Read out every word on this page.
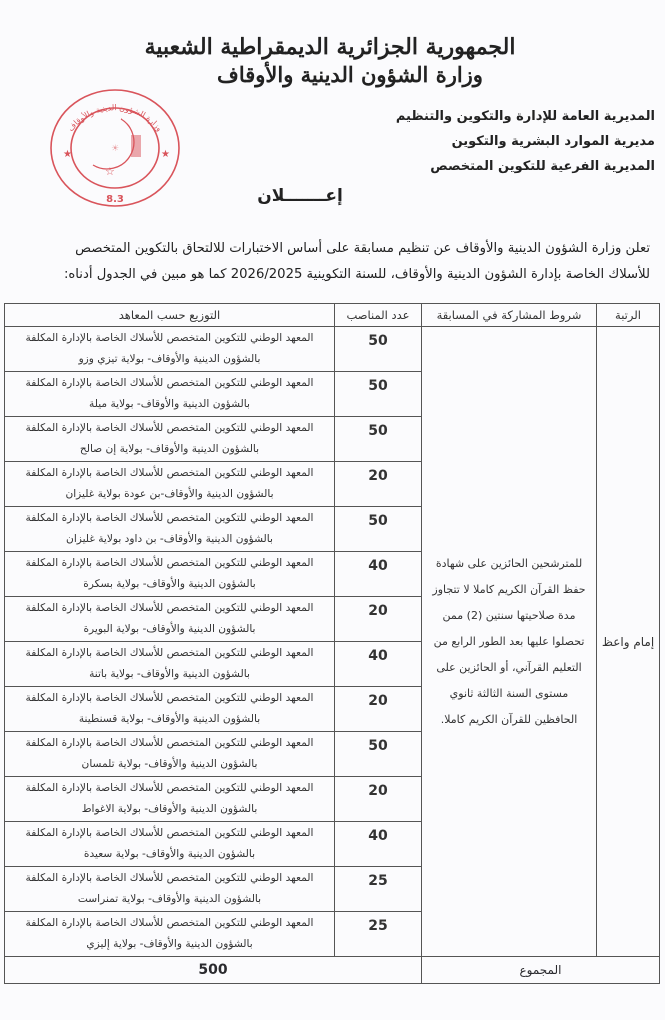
الجمهورية الجزائرية الديمقراطية الشعبية
وزارة الشؤون الدينية والأوقاف
المديرية العامة للإدارة والتكوين والتنظيم
مديرية الموارد البشرية والتكوين
المديرية الفرعية للتكوين المتخصص
☀
★	★
☆
8.3
وزارة الشؤون الدينية والأوقاف
إعـــــــلان
تعلن وزارة الشؤون الدينية والأوقاف عن تنظيم مسابقة على أساس الاختبارات للالتحاق بالتكوين المتخصص
للأسلاك الخاصة بإدارة الشؤون الدينية والأوقاف، للسنة التكوينية 2026/2025 كما هو مبين في الجدول أدناه:
الرتبة	شروط المشاركة في المسابقة	عدد المناصب	التوزيع حسب المعاهد
إمام واعظ	للمترشحين الحائزين على شهادة حفظ القرآن الكريم كاملا لا تتجاوز مدة صلاحيتها سنتين (2) ممن تحصلوا عليها بعد الطور الرابع من التعليم القرآني، أو الحائزين على مستوى السنة الثالثة ثانوي الحافظين للقرآن الكريم كاملا.	50	المعهد الوطني للتكوين المتخصص للأسلاك الخاصة بالإدارة المكلفة بالشؤون الدينية والأوقاف- بولاية تيزي وزو
		50	المعهد الوطني للتكوين المتخصص للأسلاك الخاصة بالإدارة المكلفة بالشؤون الدينية والأوقاف- بولاية ميلة
		50	المعهد الوطني للتكوين المتخصص للأسلاك الخاصة بالإدارة المكلفة بالشؤون الدينية والأوقاف- بولاية إن صالح
		20	المعهد الوطني للتكوين المتخصص للأسلاك الخاصة بالإدارة المكلفة بالشؤون الدينية والأوقاف-بن عودة بولاية غليزان
		50	المعهد الوطني للتكوين المتخصص للأسلاك الخاصة بالإدارة المكلفة بالشؤون الدينية والأوقاف- بن داود بولاية غليزان
		40	المعهد الوطني للتكوين المتخصص للأسلاك الخاصة بالإدارة المكلفة بالشؤون الدينية والأوقاف- بولاية بسكرة
		20	المعهد الوطني للتكوين المتخصص للأسلاك الخاصة بالإدارة المكلفة بالشؤون الدينية والأوقاف- بولاية البويرة
		40	المعهد الوطني للتكوين المتخصص للأسلاك الخاصة بالإدارة المكلفة بالشؤون الدينية والأوقاف- بولاية باتنة
		20	المعهد الوطني للتكوين المتخصص للأسلاك الخاصة بالإدارة المكلفة بالشؤون الدينية والأوقاف- بولاية قسنطينة
		50	المعهد الوطني للتكوين المتخصص للأسلاك الخاصة بالإدارة المكلفة بالشؤون الدينية والأوقاف- بولاية تلمسان
		20	المعهد الوطني للتكوين المتخصص للأسلاك الخاصة بالإدارة المكلفة بالشؤون الدينية والأوقاف- بولاية الاغواط
		40	المعهد الوطني للتكوين المتخصص للأسلاك الخاصة بالإدارة المكلفة بالشؤون الدينية والأوقاف- بولاية سعيدة
		25	المعهد الوطني للتكوين المتخصص للأسلاك الخاصة بالإدارة المكلفة بالشؤون الدينية والأوقاف- بولاية تمنراست
		25	المعهد الوطني للتكوين المتخصص للأسلاك الخاصة بالإدارة المكلفة بالشؤون الدينية والأوقاف- بولاية إليزي
المجموع		500	
